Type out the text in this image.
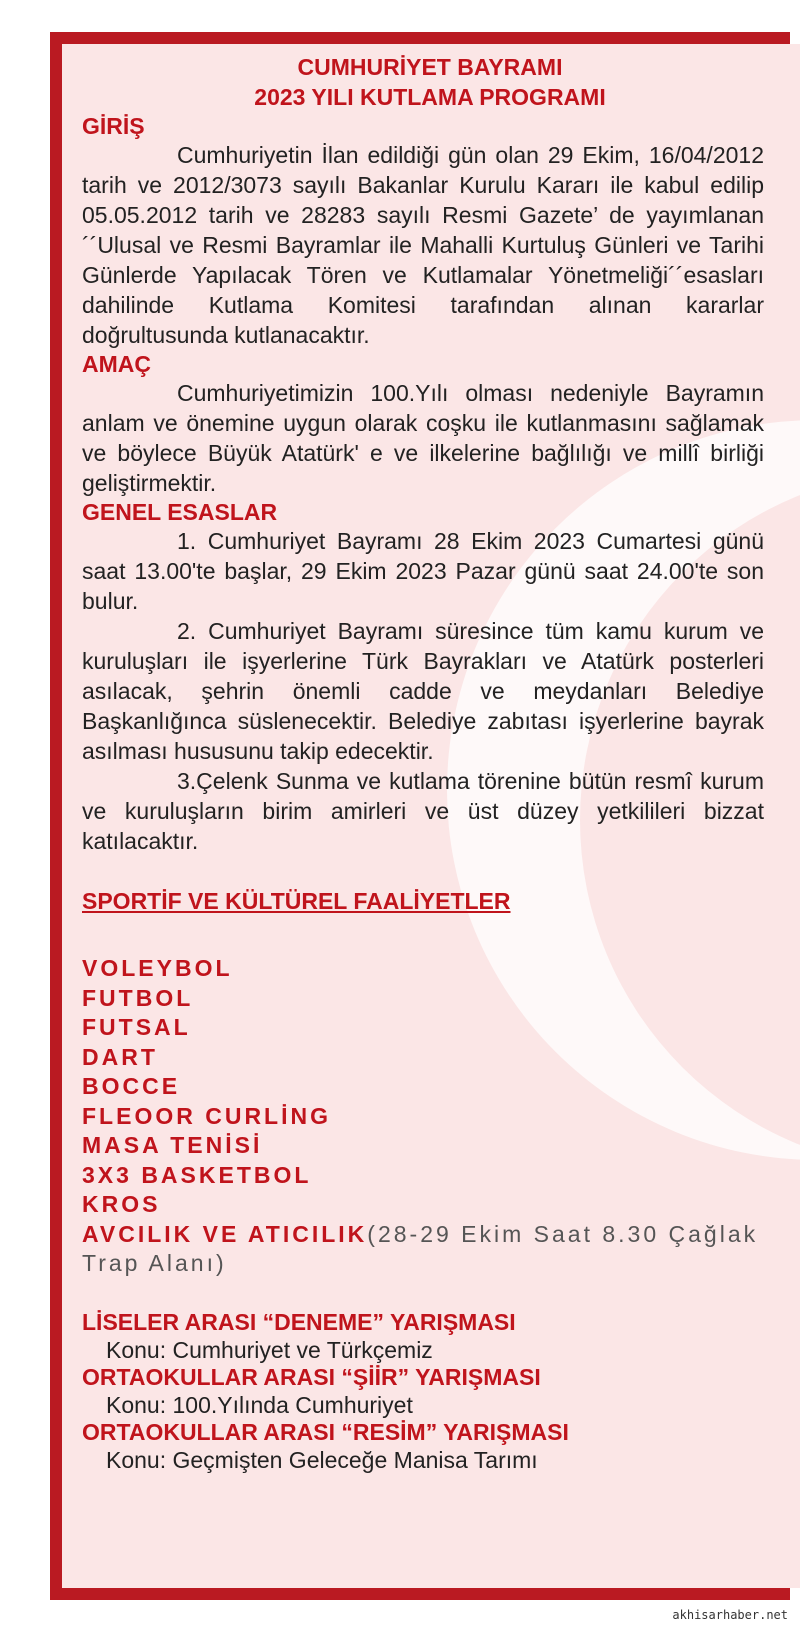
CUMHURİYET BAYRAMI
2023 YILI KUTLAMA PROGRAMI
GİRİŞ

Cumhuriyetin İlan edildiği gün olan 29 Ekim, 16/04/2012 tarih ve 2012/3073 sayılı Bakanlar Kurulu Kararı ile kabul edilip 05.05.2012 tarih ve 28283 sayılı Resmi Gazete’ de yayımlanan ´´Ulusal ve Resmi Bayramlar ile Mahalli Kurtuluş Günleri ve Tarihi Günlerde Yapılacak Tören ve Kutlamalar Yönetmeliği´´esasları dahilinde Kutlama Komitesi tarafından alınan kararlar doğrultusunda kutlanacaktır.

AMAÇ

Cumhuriyetimizin 100.Yılı olması nedeniyle Bayramın anlam ve önemine uygun olarak coşku ile kutlanmasını sağlamak ve böylece Büyük Atatürk' e ve ilkelerine bağlılığı ve millî birliği geliştirmektir.

GENEL ESASLAR

1. Cumhuriyet Bayramı 28 Ekim 2023 Cumartesi günü saat 13.00'te başlar, 29 Ekim 2023 Pazar günü saat 24.00'te son bulur.

2. Cumhuriyet Bayramı süresince tüm kamu kurum ve kuruluşları ile işyerlerine Türk Bayrakları ve Atatürk posterleri asılacak, şehrin önemli cadde ve meydanları Belediye Başkanlığınca süslenecektir. Belediye zabıtası işyerlerine bayrak asılması hususunu takip edecektir.

3.Çelenk Sunma ve kutlama törenine bütün resmî kurum ve kuruluşların birim amirleri ve üst düzey yetkilileri bizzat katılacaktır.

SPORTİF VE KÜLTÜREL FAALİYETLER
VOLEYBOL
FUTBOL
FUTSAL
DART
BOCCE
FLEOOR CURLİNG
MASA TENİSİ
3X3 BASKETBOL
KROS
AVCILIK VE ATICILIK(28-29 Ekim Saat 8.30 Çağlak Trap Alanı)
LİSELER ARASI “DENEME” YARIŞMASI
Konu: Cumhuriyet ve Türkçemiz
ORTAOKULLAR ARASI “ŞİİR” YARIŞMASI
Konu: 100.Yılında Cumhuriyet
ORTAOKULLAR ARASI “RESİM” YARIŞMASI
Konu: Geçmişten Geleceğe Manisa Tarımı
akhisarhaber.net
